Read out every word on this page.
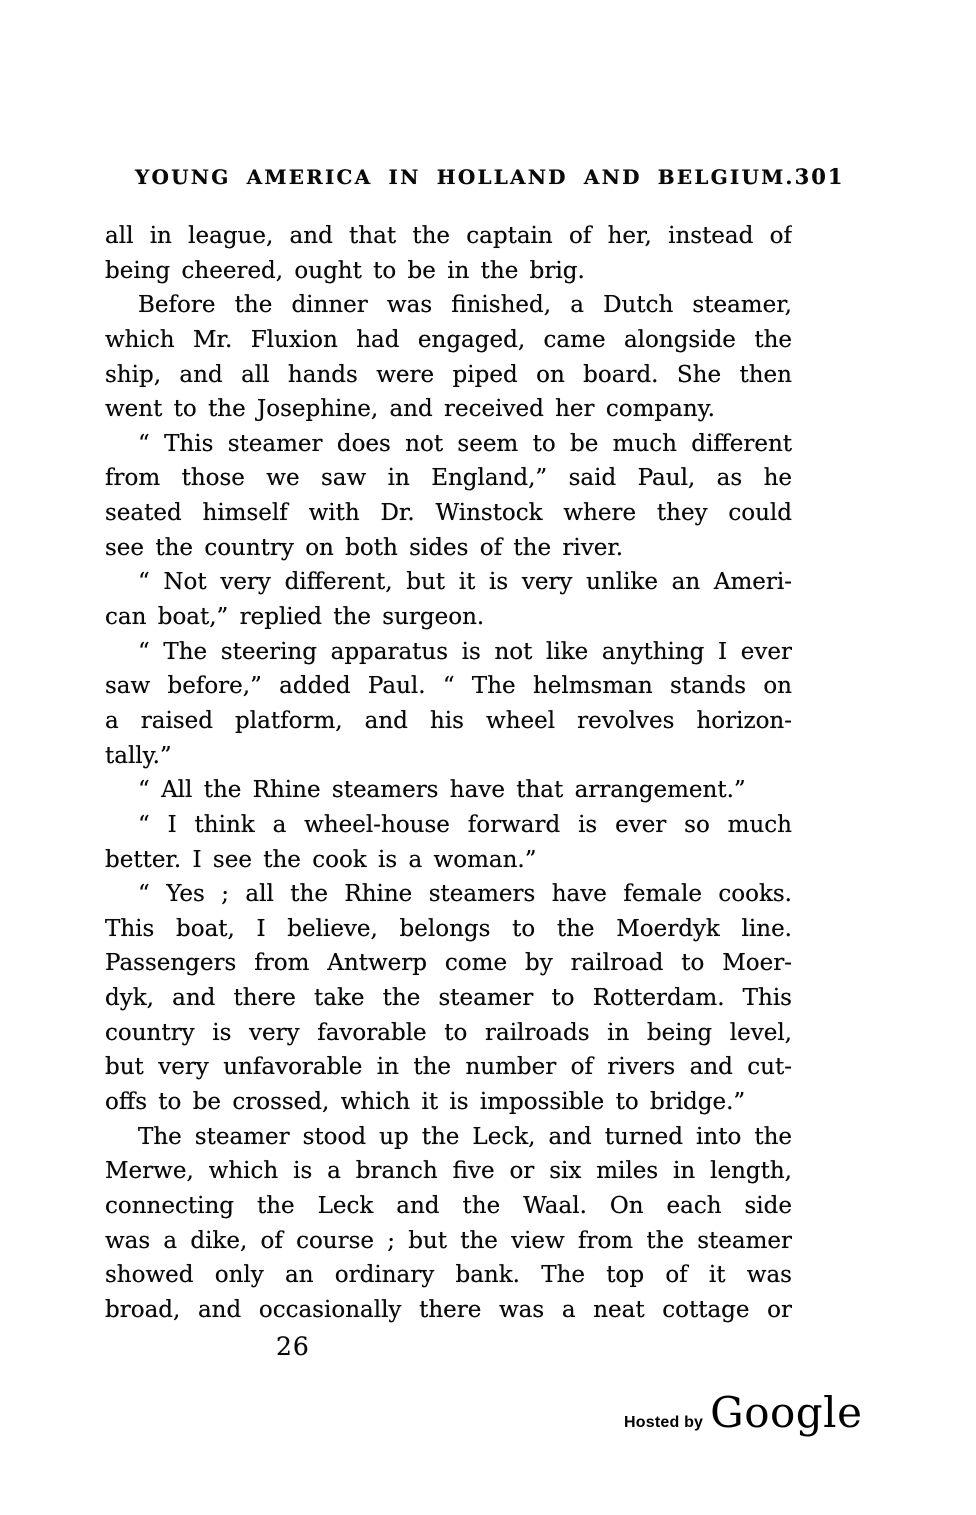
YOUNG AMERICA IN HOLLAND AND BELGIUM. 301
all in league, and that the captain of her, instead of
being cheered, ought to be in the brig.
Before the dinner was finished, a Dutch steamer,
which Mr. Fluxion had engaged, came alongside the
ship, and all hands were piped on board. She then
went to the Josephine, and received her company.
“ This steamer does not seem to be much different
from those we saw in England,” said Paul, as he
seated himself with Dr. Winstock where they could
see the country on both sides of the river.
“ Not very different, but it is very unlike an Ameri-
can boat,” replied the surgeon.
“ The steering apparatus is not like anything I ever
saw before,” added Paul. “ The helmsman stands on
a raised platform, and his wheel revolves horizon-
tally.”
“ All the Rhine steamers have that arrangement.”
“ I think a wheel-house forward is ever so much
better. I see the cook is a woman.”
“ Yes ; all the Rhine steamers have female cooks.
This boat, I believe, belongs to the Moerdyk line.
Passengers from Antwerp come by railroad to Moer-
dyk, and there take the steamer to Rotterdam. This
country is very favorable to railroads in being level,
but very unfavorable in the number of rivers and cut-
offs to be crossed, which it is impossible to bridge.”
The steamer stood up the Leck, and turned into the
Merwe, which is a branch five or six miles in length,
connecting the Leck and the Waal. On each side
was a dike, of course ; but the view from the steamer
showed only an ordinary bank. The top of it was
broad, and occasionally there was a neat cottage or
26
Hosted by Google
